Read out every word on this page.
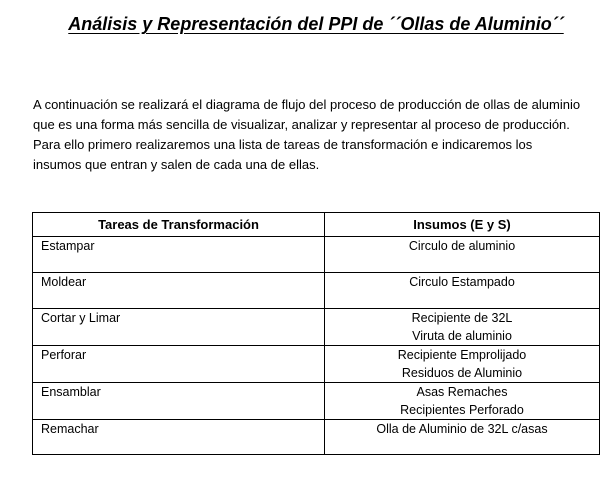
Análisis y Representación del PPI de ´´Ollas de Aluminio´´

A continuación se realizará el diagrama de flujo del proceso de producción de ollas de aluminio

que es una forma más sencilla de visualizar, analizar y representar al proceso de producción.

Para ello primero realizaremos una lista de tareas de transformación e indicaremos los

insumos que entran y salen de cada una de ellas.

Tareas de Transformación	Insumos (E y S)
Estampar	Circulo de aluminio

Moldear	Circulo Estampado

Cortar y Limar	Recipiente de 32L
Viruta de aluminio

Perforar	Recipiente Emprolijado
Residuos de Aluminio

Ensamblar	Asas Remaches
Recipientes Perforado

Remachar	Olla de Aluminio de 32L c/asas
